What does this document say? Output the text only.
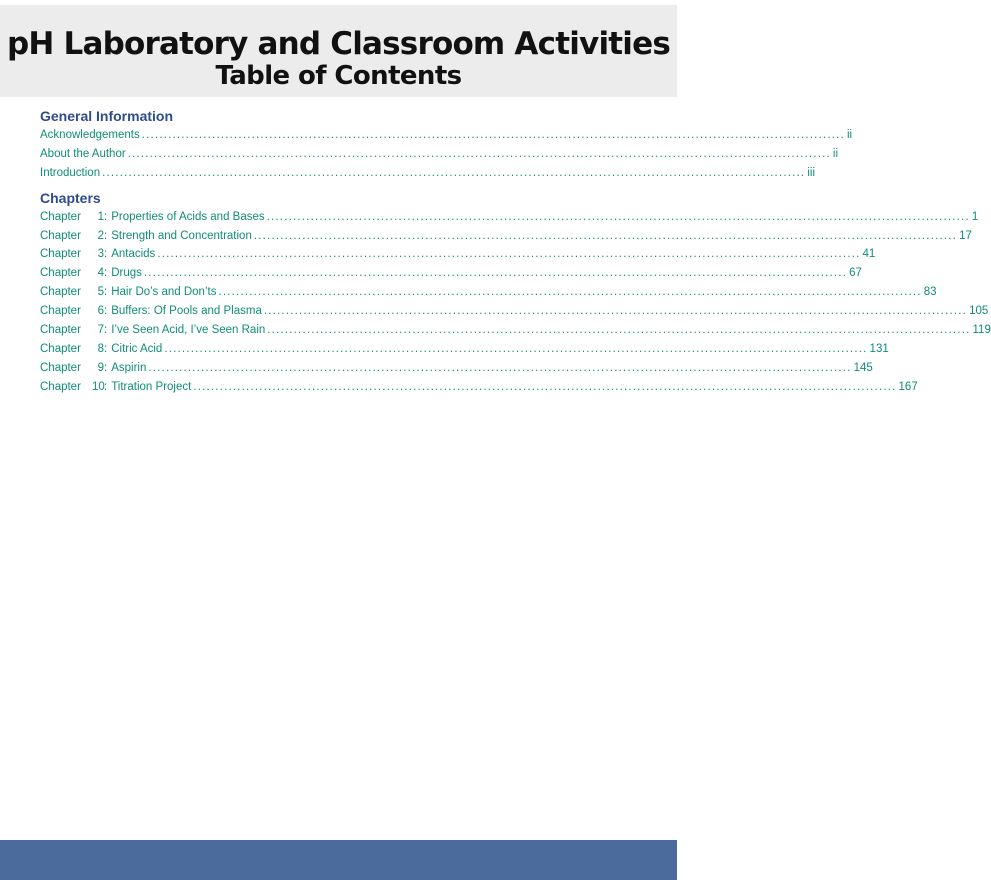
pH Laboratory and Classroom Activities
Table of Contents
General Information
Acknowledgements ................................................................................................................................................................ ii
About the Author ................................................................................................................................................................ ii
Introduction ................................................................................................................................................................ iii
Chapters
Chapter	1 : Properties of Acids and Bases ................................................................................................................................................................ 1
Chapter	2 : Strength and Concentration ................................................................................................................................................................ 17
Chapter	3 : Antacids ................................................................................................................................................................ 41
Chapter	4 : Drugs ................................................................................................................................................................ 67
Chapter	5 : Hair Do’s and Don’ts ................................................................................................................................................................ 83
Chapter	6 : Buffers: Of Pools and Plasma ................................................................................................................................................................ 105
Chapter	7 : I’ve Seen Acid, I’ve Seen Rain ................................................................................................................................................................ 119
Chapter	8 : Citric Acid ................................................................................................................................................................ 131
Chapter	9 : Aspirin ................................................................................................................................................................ 145
Chapter 10 : Titration Project ................................................................................................................................................................ 167
